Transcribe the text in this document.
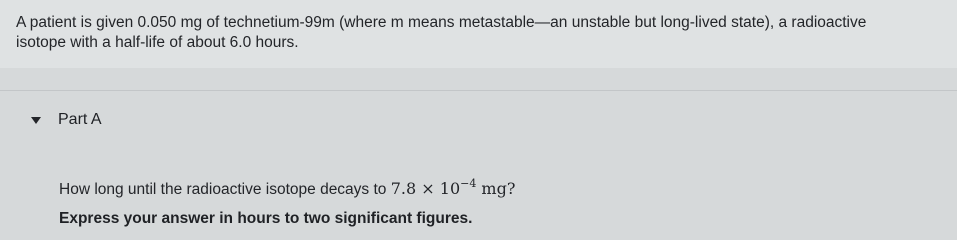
A patient is given 0.050 mg of technetium-99m (where m means metastable—an unstable but long-lived state), a radioactive
isotope with a half-life of about 6.0 hours.
Part A
How long until the radioactive isotope decays to $7.8 \times 10^{-4}$ mg?
Express your answer in hours to two significant figures.
